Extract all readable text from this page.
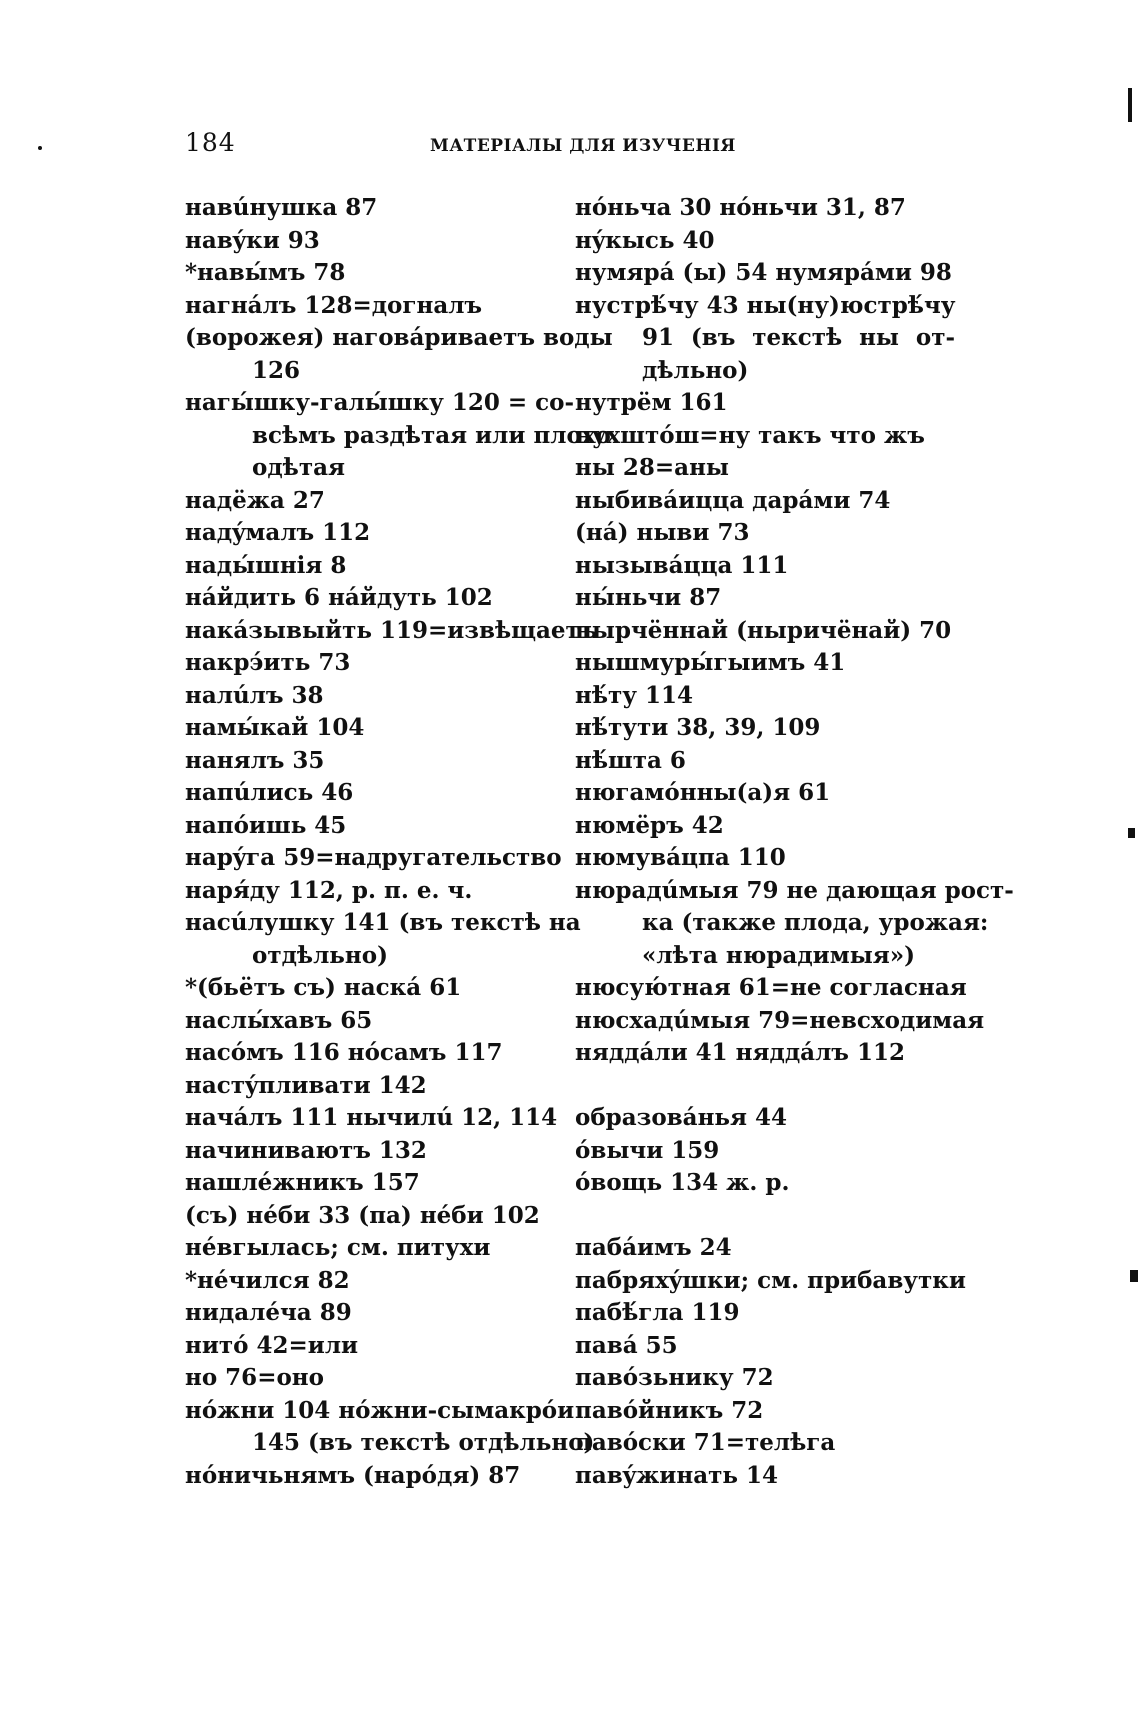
184	МАТЕРІАЛЫ ДЛЯ ИЗУЧЕНІЯ
навúнушка 87
навýки 93
*навы́мъ 78
нагнáлъ 128=догналъ
(ворожея) наговáриваетъ воды
126
нагы́шку-галы́шку 120 = со-
всѣмъ раздѣтая или плохо
одѣтая
надёжа 27
надýмалъ 112
нады́шнія 8
нáйдить 6 нáйдуть 102
накáзывыйть 119=извѣщаетъ
накрэ́ить 73
налúлъ 38
намы́кай 104
нанялъ 35
напúлись 46
напóишь 45
нарýга 59=надругательство
наря́ду 112, р. п. е. ч.
насúлушку 141 (въ текстѣ на
отдѣльно)
*(бьётъ съ) наскá 61
наслы́хавъ 65
насóмъ 116 нóсамъ 117
настýпливати 142
начáлъ 111 нычилú 12, 114
начиниваютъ 132
нашлéжникъ 157
(съ) нéби 33 (па) нéби 102
нéвгылась; см. питухи
*нéчился 82
нидалéча 89
нитó 42=или
но 76=оно
нóжни 104 нóжни-сымакрóи
145 (въ текстѣ отдѣльно)
нóничьнямъ (нарóдя) 87
нóньча 30 нóньчи 31, 87
нýкысь 40
нумярá (ы) 54 нумярáми 98
нустрѣ́чу 43 ны(ну)юстрѣ́чу
91 (въ текстѣ ны от-
дѣльно)
нутрём 161
нухштóш=ну такъ что жъ
ны 28=аны
ныбивáицца дарáми 74
(нá) ныви 73
нызывáцца 111
ны́ньчи 87
нырчённай (ныричёнай) 70
нышмуры́гыимъ 41
нѣ́ту 114
нѣ́тути 38, 39, 109
нѣ́шта 6
нюгамóнны(а)я 61
нюмёръ 42
нюмувáцпа 110
нюрадúмыя 79 не дающая рост-
ка (также плода, урожая:
«лѣта нюрадимыя»)
нюсую́тная 61=не согласная
нюсхадúмыя 79=невсходимая
няддáли 41 няддáлъ 112
образовáнья 44
óвычи 159
óвощь 134 ж. р.
пабáимъ 24
пабряхýшки; см. прибавутки
пабѣ́гла 119
павá 55
павóзьнику 72
павóйникъ 72
павóски 71=телѣга
павýжинать 14
